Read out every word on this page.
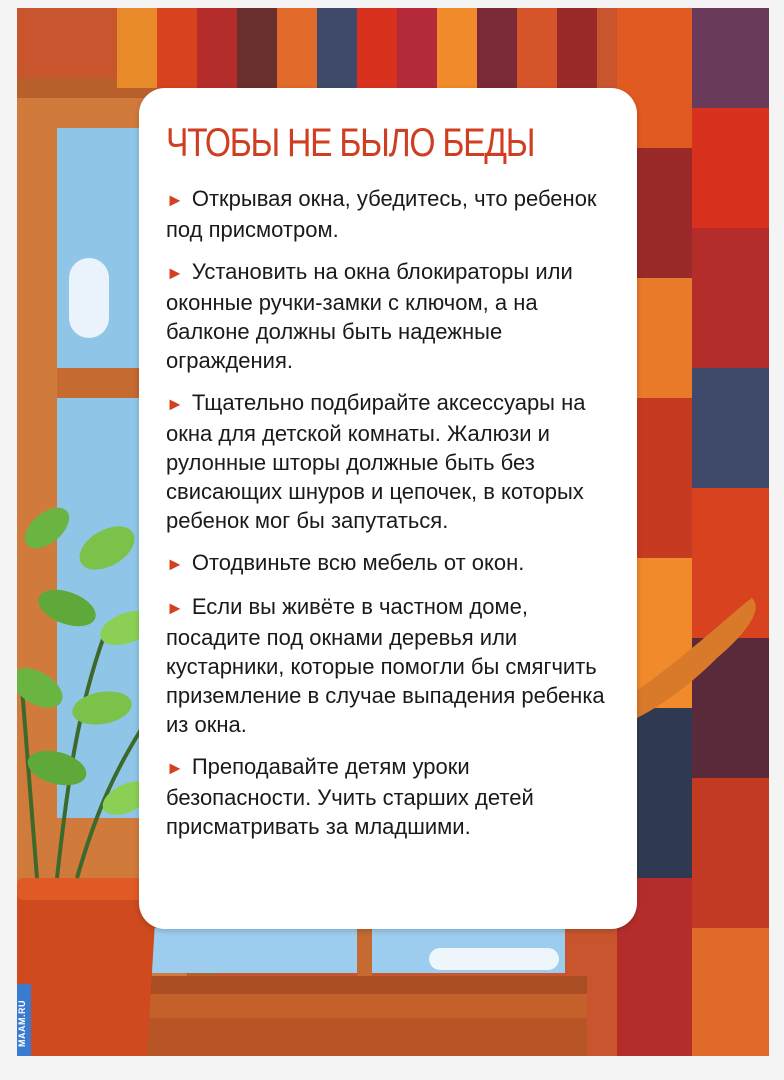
ЧТОБЫ НЕ БЫЛО БЕДЫ
► Открывая окна, убедитесь, что ребенок под присмотром.
► Установить на окна блокираторы или оконные ручки-замки с ключом, а на балконе должны быть надежные ограждения.
► Тщательно подбирайте аксессуары на окна для детской комнаты. Жалюзи и рулонные шторы должные быть без свисающих шнуров и цепочек, в которых ребенок мог бы запутаться.
► Отодвиньте всю мебель от окон.
► Если вы живёте в частном доме, посадите под окнами деревья или кустарники, которые помогли бы смягчить приземление в случае выпадения ребенка из окна.
► Преподавайте детям уроки безопасности. Учить старших детей присматривать за младшими.
MAAM.RU
